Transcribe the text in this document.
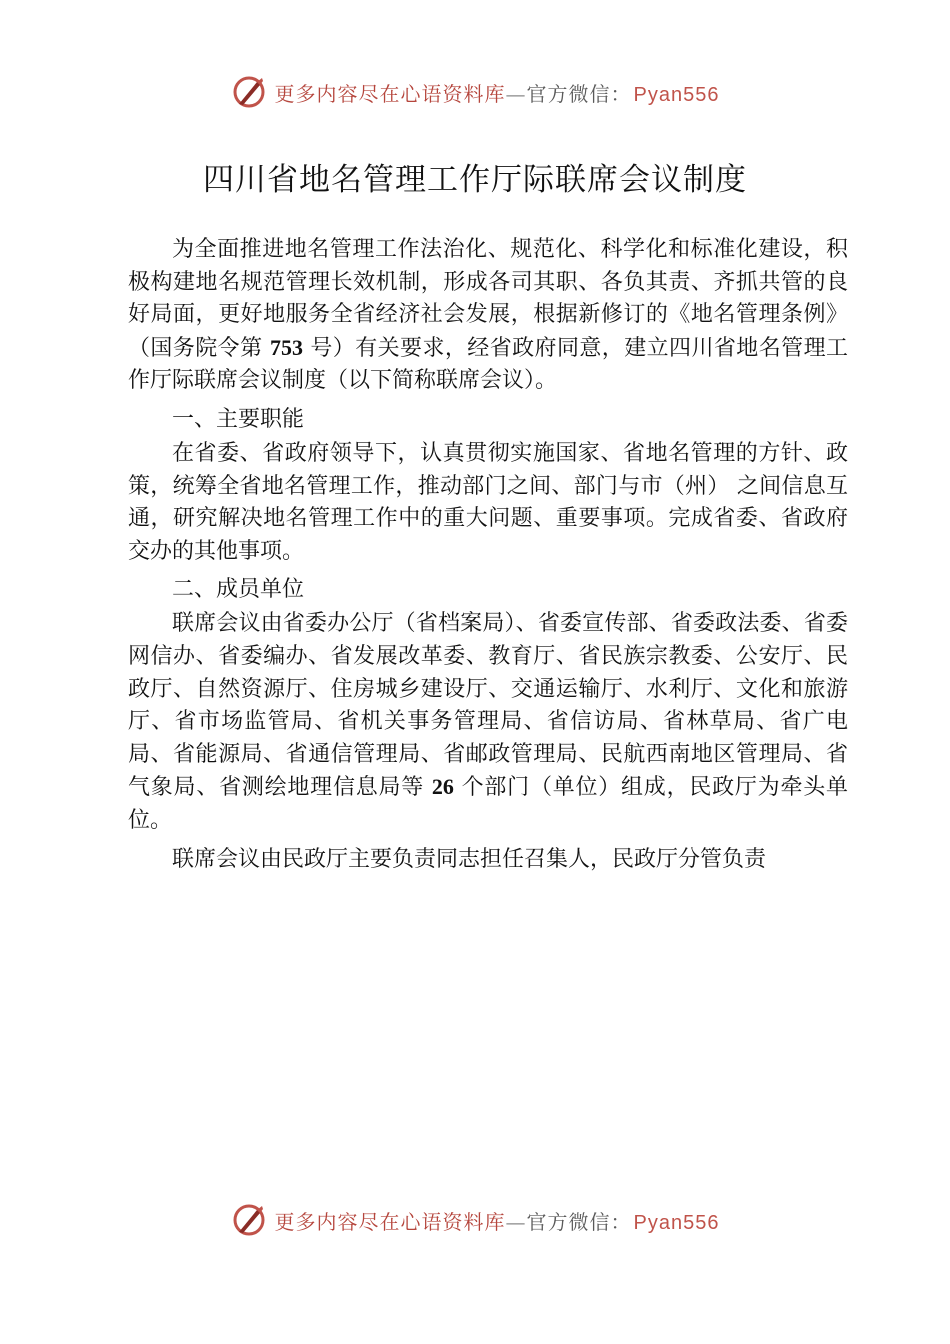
更多内容尽在心语资料库—官方微信： Pyan556
四川省地名管理工作厅际联席会议制度

为全面推进地名管理工作法治化、规范化、科学化和标准化建设，积极构建地名规范管理长效机制，形成各司其职、各负其责、齐抓共管的良好局面，更好地服务全省经济社会发展，根据新修订的《地名管理条例》（国务院令第 753 号）有关要求，经省政府同意，建立四川省地名管理工作厅际联席会议制度（以下简称联席会议）。

一、主要职能

在省委、省政府领导下，认真贯彻实施国家、省地名管理的方针、政策，统筹全省地名管理工作，推动部门之间、部门与市（州） 之间信息互通，研究解决地名管理工作中的重大问题、重要事项。完成省委、省政府交办的其他事项。

二、成员单位

联席会议由省委办公厅（省档案局）、省委宣传部、省委政法委、省委网信办、省委编办、省发展改革委、教育厅、省民族宗教委、公安厅、民政厅、自然资源厅、住房城乡建设厅、交通运输厅、水利厅、文化和旅游厅、省市场监管局、省机关事务管理局、省信访局、省林草局、省广电局、省能源局、省通信管理局、省邮政管理局、民航西南地区管理局、省气象局、省测绘地理信息局等 26 个部门（单位）组成，民政厅为牵头单位。

联席会议由民政厅主要负责同志担任召集人，民政厅分管负责

更多内容尽在心语资料库—官方微信： Pyan556
